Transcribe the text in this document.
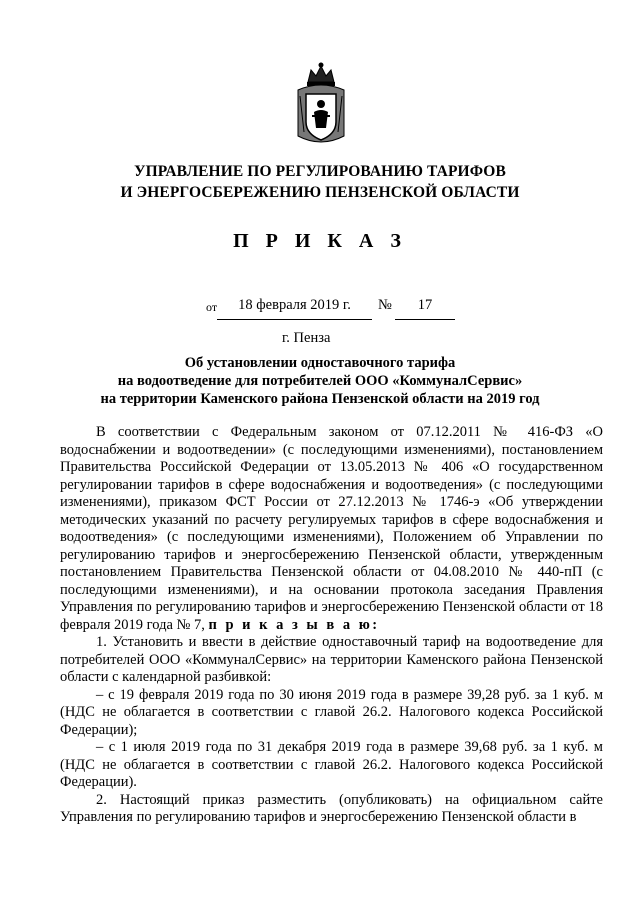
УПРАВЛЕНИЕ ПО РЕГУЛИРОВАНИЮ ТАРИФОВ
И ЭНЕРГОСБЕРЕЖЕНИЮ ПЕНЗЕНСКОЙ ОБЛАСТИ
П Р И К А З
от	18 февраля 2019 г.	№	17
г. Пенза
Об установлении одноставочного тарифа
на водоотведение для потребителей ООО «КоммуналСервис»
на территории Каменского района Пензенской области на 2019 год

В соответствии с Федеральным законом от 07.12.2011 № 416-ФЗ «О водоснабжении и водоотведении» (с последующими изменениями), постановлением Правительства Российской Федерации от 13.05.2013 № 406 «О государственном регулировании тарифов в сфере водоснабжения и водоотведения» (с последующими изменениями), приказом ФСТ России от 27.12.2013 № 1746-э «Об утверждении методических указаний по расчету регулируемых тарифов в сфере водоснабжения и водоотведения» (с последующими изменениями), Положением об Управлении по регулированию тарифов и энергосбережению Пензенской области, утвержденным постановлением Правительства Пензенской области от 04.08.2010 № 440-пП (с последующими изменениями), и на основании протокола заседания Правления Управления по регулированию тарифов и энергосбережению Пензенской области от 18 февраля 2019 года № 7, п р и к а з ы в а ю:

1. Установить и ввести в действие одноставочный тариф на водоотведение для потребителей ООО «КоммуналСервис» на территории Каменского района Пензенской области с календарной разбивкой:

– с 19 февраля 2019 года по 30 июня 2019 года в размере 39,28 руб. за 1 куб. м (НДС не облагается в соответствии с главой 26.2. Налогового кодекса Российской Федерации);

– с 1 июля 2019 года по 31 декабря 2019 года в размере 39,68 руб. за 1 куб. м (НДС не облагается в соответствии с главой 26.2. Налогового кодекса Российской Федерации).

2. Настоящий приказ разместить (опубликовать) на официальном сайте Управления по регулированию тарифов и энергосбережению Пензенской области в
